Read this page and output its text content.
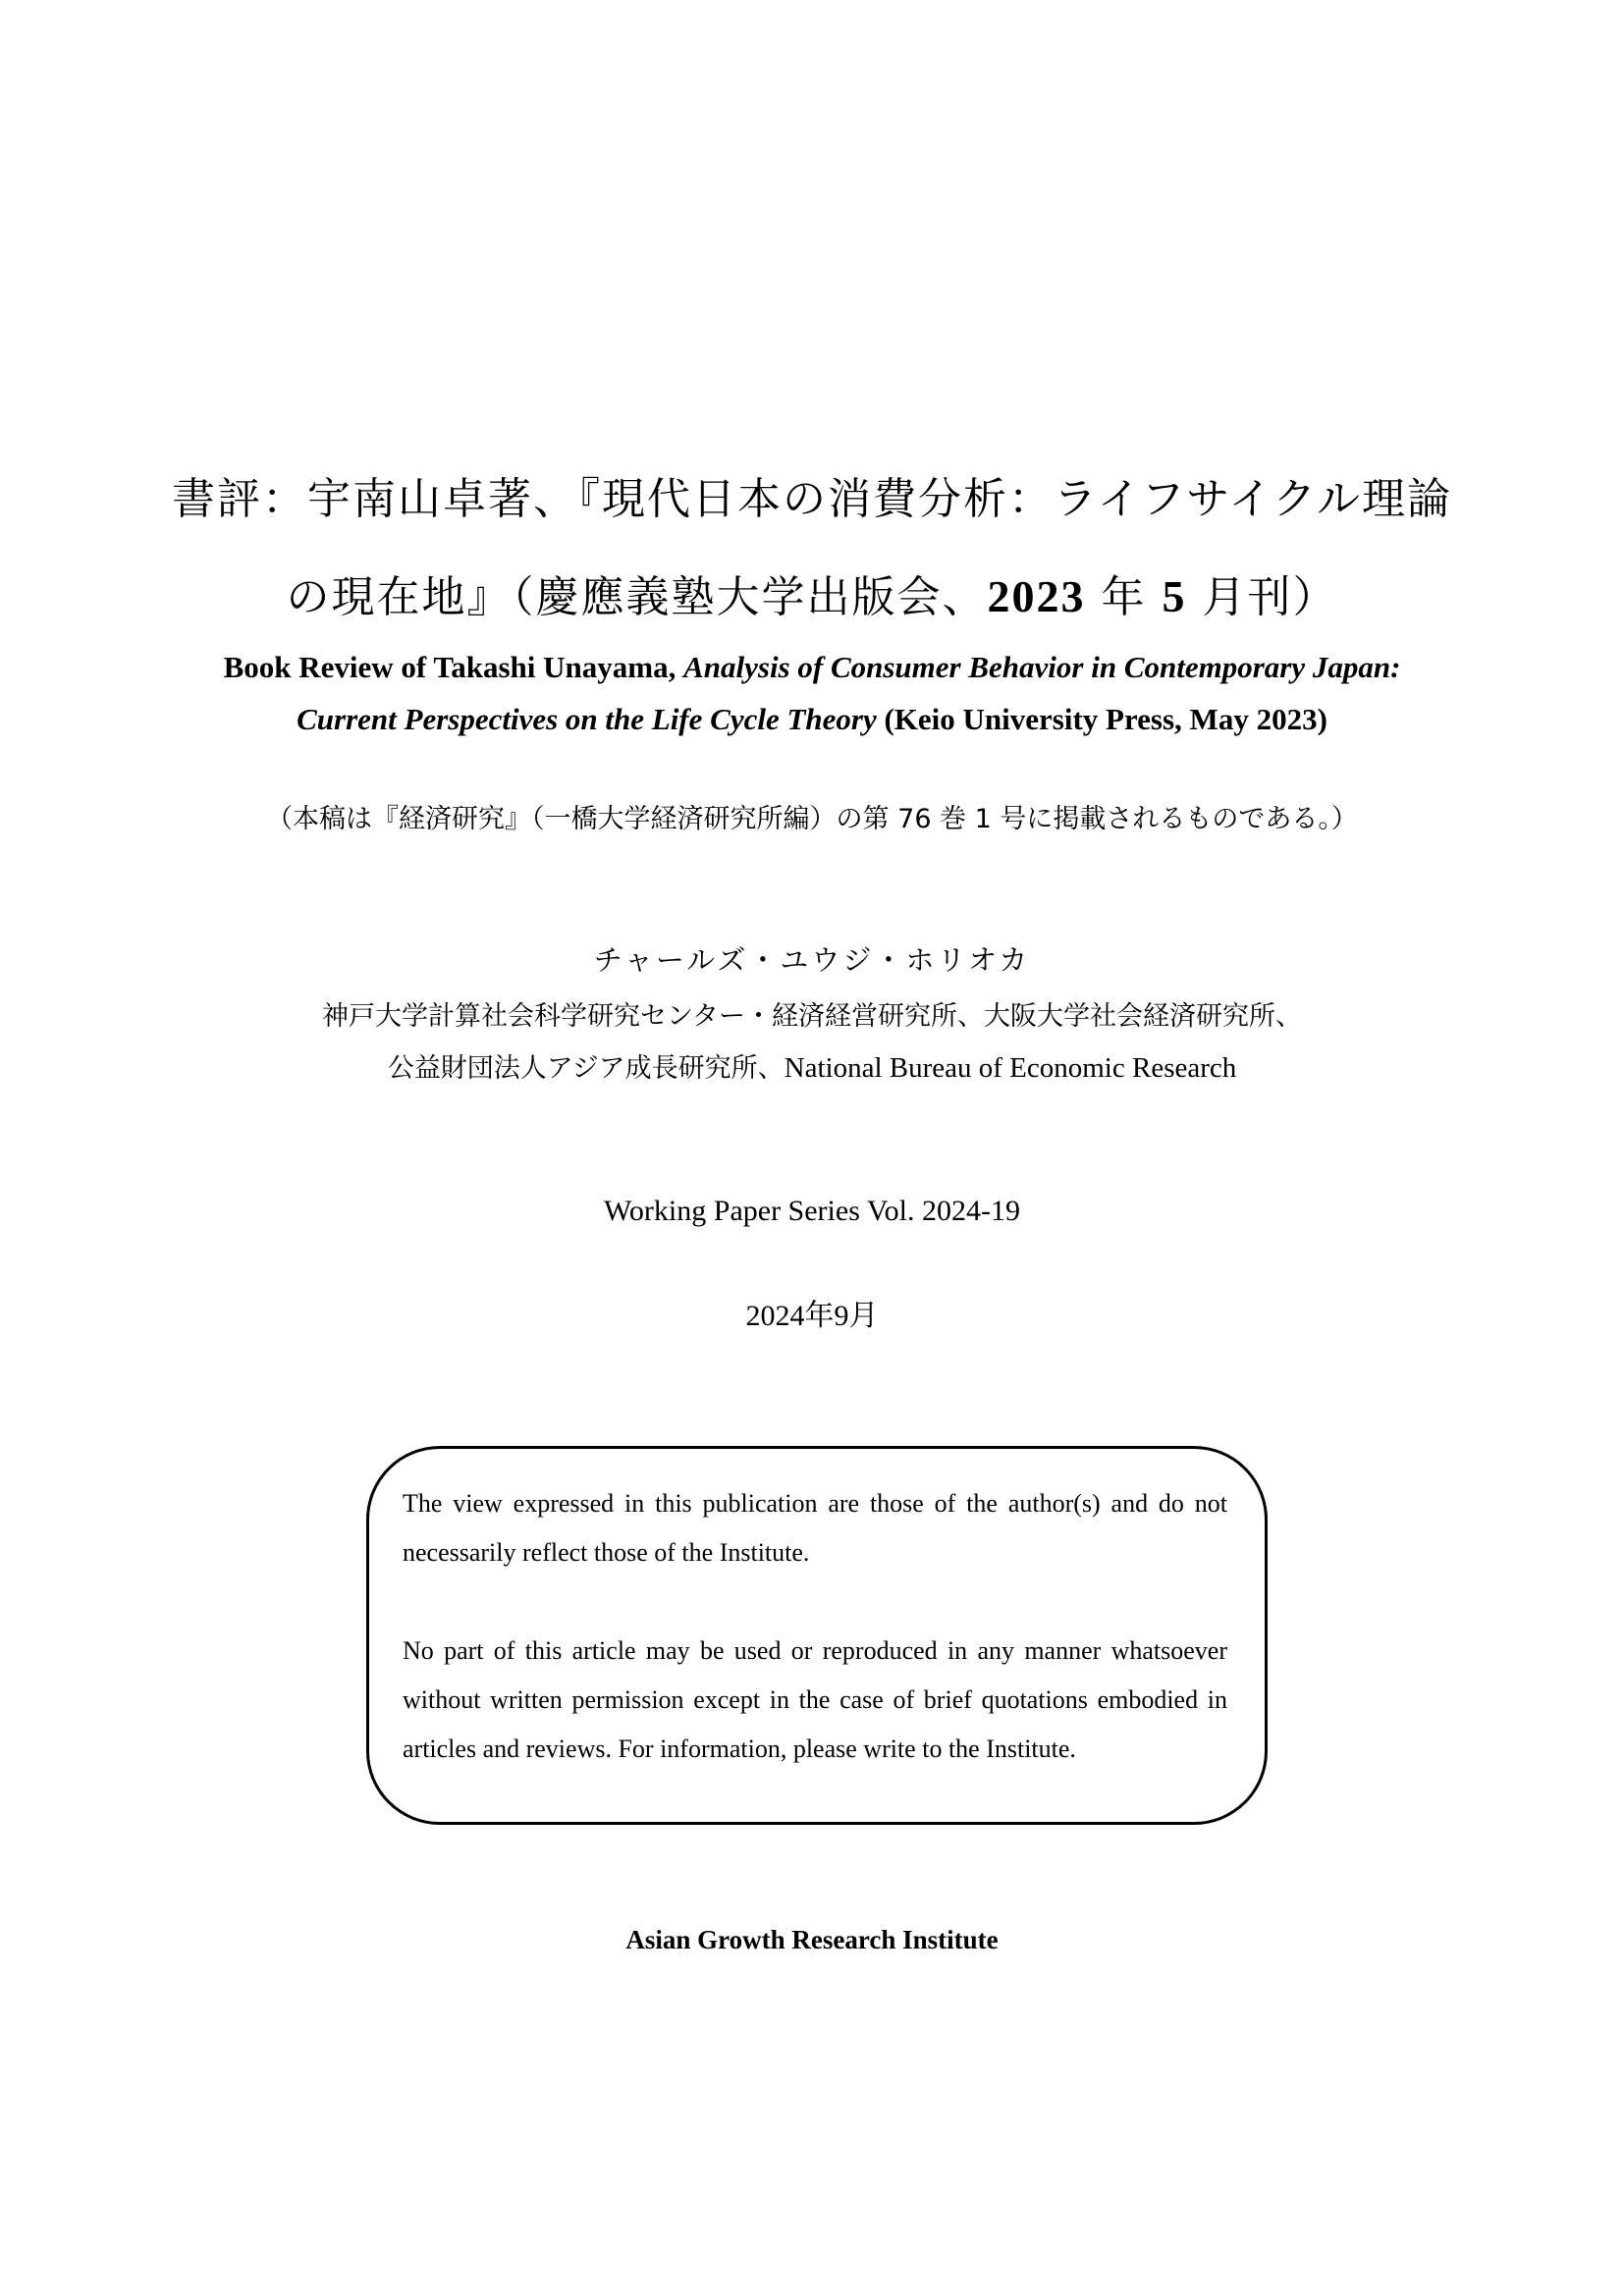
書評：宇南山卓著、『現代日本の消費分析：ライフサイクル理論
の現在地』（慶應義塾大学出版会、2023 年 5 月刊）
Book Review of Takashi Unayama, Analysis of Consumer Behavior in Contemporary Japan:
Current Perspectives on the Life Cycle Theory (Keio University Press, May 2023)
（本稿は『経済研究』（一橋大学経済研究所編）の第 76 巻 1 号に掲載されるものである。）
チャールズ・ユウジ・ホリオカ
神戸大学計算社会科学研究センター・経済経営研究所、大阪大学社会経済研究所、
公益財団法人アジア成長研究所、National Bureau of Economic Research
Working Paper Series Vol. 2024-19
2024年9月
The view expressed in this publication are those of the author(s) and do not necessarily reflect those of the Institute.
No part of this article may be used or reproduced in any manner whatsoever without written permission except in the case of brief quotations embodied in articles and reviews. For information, please write to the Institute.
Asian Growth Research Institute
